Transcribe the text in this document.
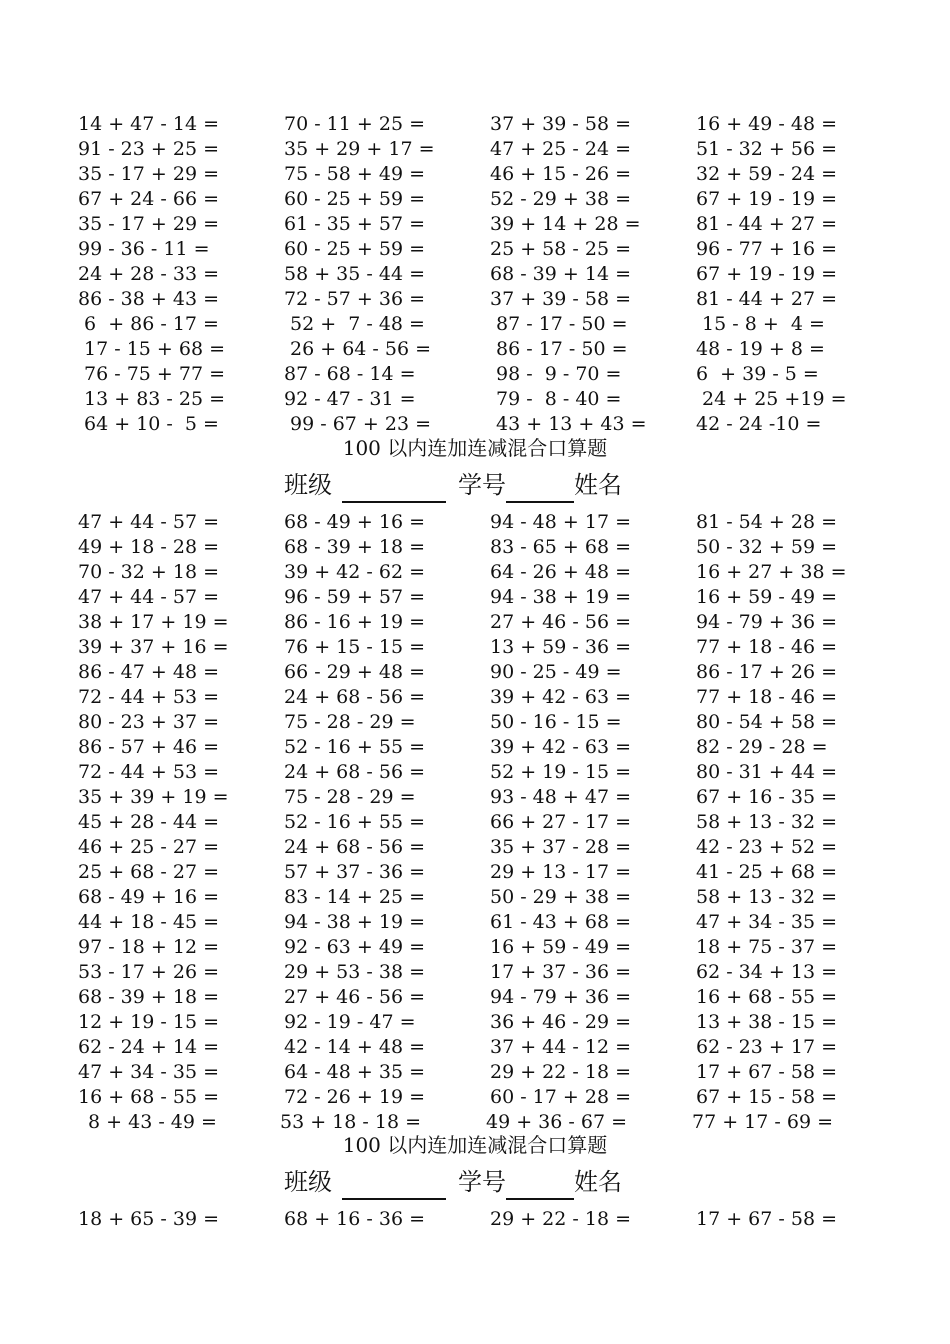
14 + 47 - 14 =	70 - 11 + 25 =	37 + 39 - 58 =	16 + 49 - 48 =
91 - 23 + 25 =	35 + 29 + 17 =	47 + 25 - 24 =	51 - 32 + 56 =
35 - 17 + 29 =	75 - 58 + 49 =	46 + 15 - 26 =	32 + 59 - 24 =
67 + 24 - 66 =	60 - 25 + 59 =	52 - 29 + 38 =	67 + 19 - 19 =
35 - 17 + 29 =	61 - 35 + 57 =	39 + 14 + 28 =	81 - 44 + 27 =
99 - 36 - 11 =	60 - 25 + 59 =	25 + 58 - 25 =	96 - 77 + 16 =
24 + 28 - 33 =	58 + 35 - 44 =	68 - 39 + 14 =	67 + 19 - 19 =
86 - 38 + 43 =	72 - 57 + 36 =	37 + 39 - 58 =	81 - 44 + 27 =
6  + 86 - 17 =	52 +  7 - 48 =	87 - 17 - 50 =	15 - 8 +  4 =
17 - 15 + 68 =	26 + 64 - 56 =	86 - 17 - 50 =	48 - 19 + 8 =
76 - 75 + 77 =	87 - 68 - 14 =	98 -  9 - 70 =	6  + 39 - 5 =
13 + 83 - 25 =	92 - 47 - 31 =	79 -  8 - 40 =	24 + 25 +19 =
64 + 10 -  5 =	99 - 67 + 23 =	43 + 13 + 43 =	42 - 24 -10 =
100 以内连加连减混合口算题
班级	学号	姓名
47 + 44 - 57 =	68 - 49 + 16 =	94 - 48 + 17 =	81 - 54 + 28 =
49 + 18 - 28 =	68 - 39 + 18 =	83 - 65 + 68 =	50 - 32 + 59 =
70 - 32 + 18 =	39 + 42 - 62 =	64 - 26 + 48 =	16 + 27 + 38 =
47 + 44 - 57 =	96 - 59 + 57 =	94 - 38 + 19 =	16 + 59 - 49 =
38 + 17 + 19 =	86 - 16 + 19 =	27 + 46 - 56 =	94 - 79 + 36 =
39 + 37 + 16 =	76 + 15 - 15 =	13 + 59 - 36 =	77 + 18 - 46 =
86 - 47 + 48 =	66 - 29 + 48 =	90 - 25 - 49 =	86 - 17 + 26 =
72 - 44 + 53 =	24 + 68 - 56 =	39 + 42 - 63 =	77 + 18 - 46 =
80 - 23 + 37 =	75 - 28 - 29 =	50 - 16 - 15 =	80 - 54 + 58 =
86 - 57 + 46 =	52 - 16 + 55 =	39 + 42 - 63 =	82 - 29 - 28 =
72 - 44 + 53 =	24 + 68 - 56 =	52 + 19 - 15 =	80 - 31 + 44 =
35 + 39 + 19 =	75 - 28 - 29 =	93 - 48 + 47 =	67 + 16 - 35 =
45 + 28 - 44 =	52 - 16 + 55 =	66 + 27 - 17 =	58 + 13 - 32 =
46 + 25 - 27 =	24 + 68 - 56 =	35 + 37 - 28 =	42 - 23 + 52 =
25 + 68 - 27 =	57 + 37 - 36 =	29 + 13 - 17 =	41 - 25 + 68 =
68 - 49 + 16 =	83 - 14 + 25 =	50 - 29 + 38 =	58 + 13 - 32 =
44 + 18 - 45 =	94 - 38 + 19 =	61 - 43 + 68 =	47 + 34 - 35 =
97 - 18 + 12 =	92 - 63 + 49 =	16 + 59 - 49 =	18 + 75 - 37 =
53 - 17 + 26 =	29 + 53 - 38 =	17 + 37 - 36 =	62 - 34 + 13 =
68 - 39 + 18 =	27 + 46 - 56 =	94 - 79 + 36 =	16 + 68 - 55 =
12 + 19 - 15 =	92 - 19 - 47 =	36 + 46 - 29 =	13 + 38 - 15 =
62 - 24 + 14 =	42 - 14 + 48 =	37 + 44 - 12 =	62 - 23 + 17 =
47 + 34 - 35 =	64 - 48 + 35 =	29 + 22 - 18 =	17 + 67 - 58 =
16 + 68 - 55 =	72 - 26 + 19 =	60 - 17 + 28 =	67 + 15 - 58 =
8 + 43 - 49 =	53 + 18 - 18 =	49 + 36 - 67 =	77 + 17 - 69 =
100 以内连加连减混合口算题
班级	学号	姓名
18 + 65 - 39 =	68 + 16 - 36 =	29 + 22 - 18 =	17 + 67 - 58 =
